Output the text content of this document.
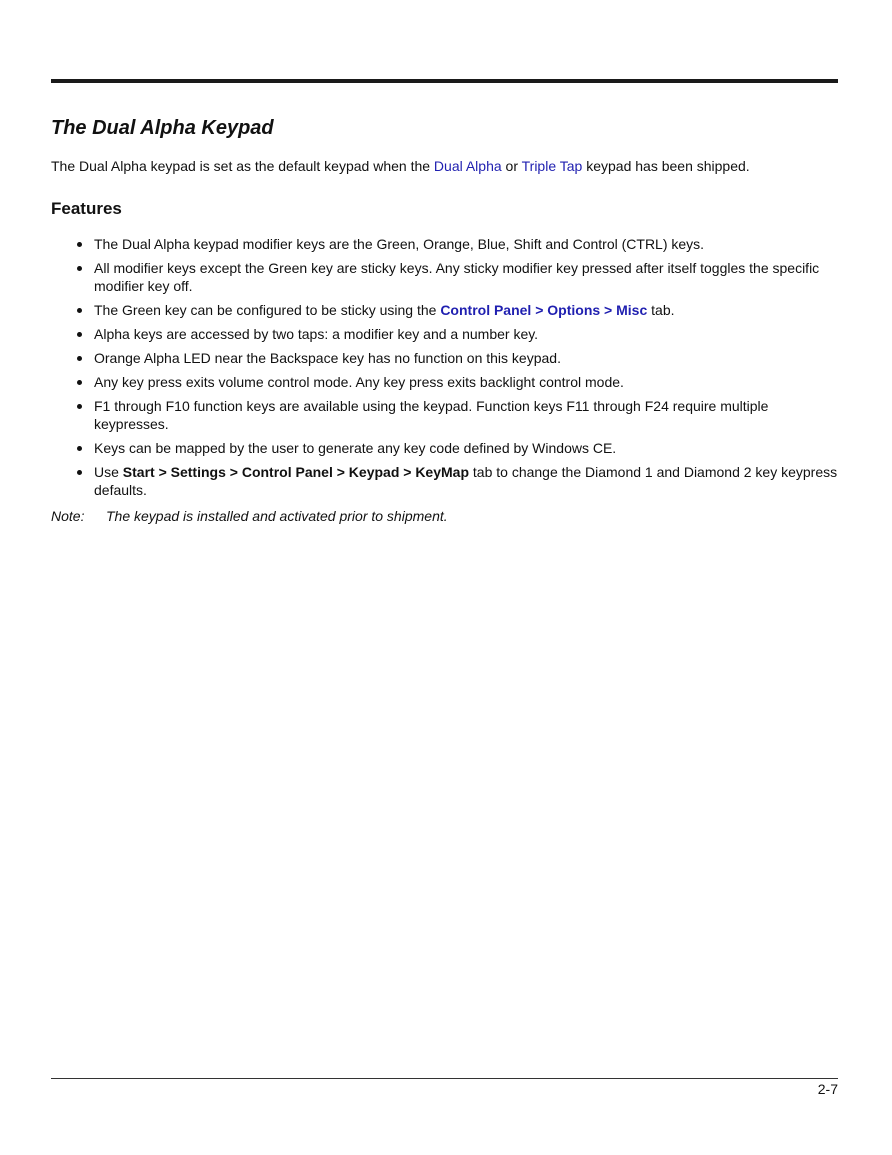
The Dual Alpha Keypad

The Dual Alpha keypad is set as the default keypad when the Dual Alpha or Triple Tap keypad has been shipped.

Features
The Dual Alpha keypad modifier keys are the Green, Orange, Blue, Shift and Control (CTRL) keys.
All modifier keys except the Green key are sticky keys. Any sticky modifier key pressed after itself toggles the specific modifier key off.
The Green key can be configured to be sticky using the Control Panel > Options > Misc tab.
Alpha keys are accessed by two taps: a modifier key and a number key.
Orange Alpha LED near the Backspace key has no function on this keypad.
Any key press exits volume control mode. Any key press exits backlight control mode.
F1 through F10 function keys are available using the keypad. Function keys F11 through F24 require multiple keypresses.
Keys can be mapped by the user to generate any key code defined by Windows CE.
Use Start > Settings > Control Panel > Keypad > KeyMap tab to change the Diamond 1 and Diamond 2 key keypress defaults.

Note: The keypad is installed and activated prior to shipment.

2-7
